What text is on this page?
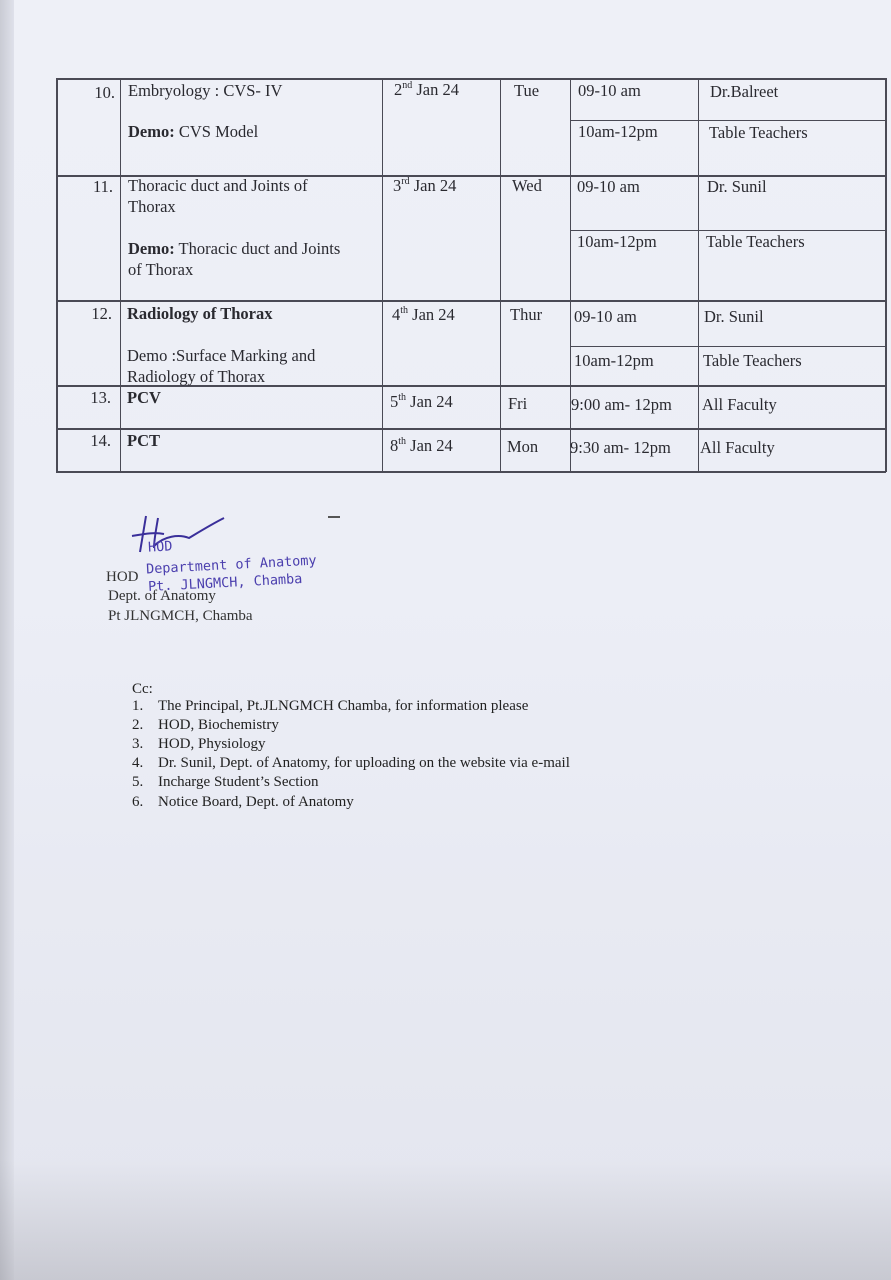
10. Embryology : CVS- IV
Demo: CVS Model
2nd Jan 24	Tue 09-10 am	Dr.Balreet
10am-12pm	Table Teachers
11. Thoracic duct and Joints of
Thorax
Demo: Thoracic duct and Joints
of Thorax
3rd Jan 24	Wed 09-10 am	Dr. Sunil
10am-12pm	Table Teachers
12. Radiology of Thorax
Demo :Surface Marking and
Radiology of Thorax
4th Jan 24	Thur 09-10 am	Dr. Sunil
10am-12pm	Table Teachers
13. PCV	5th Jan 24	Fri	9:00 am- 12pm All Faculty
14. PCT	8th Jan 24	Mon 9:30 am- 12pm All Faculty
HOD
Department of Anatomy
Pt. JLNGMCH, Chamba
HOD
Dept. of Anatomy
Pt JLNGMCH, Chamba
Cc:
1. The Principal, Pt.JLNGMCH Chamba, for information please
2. HOD, Biochemistry
3. HOD, Physiology
4. Dr. Sunil, Dept. of Anatomy, for uploading on the website via e-mail
5. Incharge Student’s Section
6. Notice Board, Dept. of Anatomy
